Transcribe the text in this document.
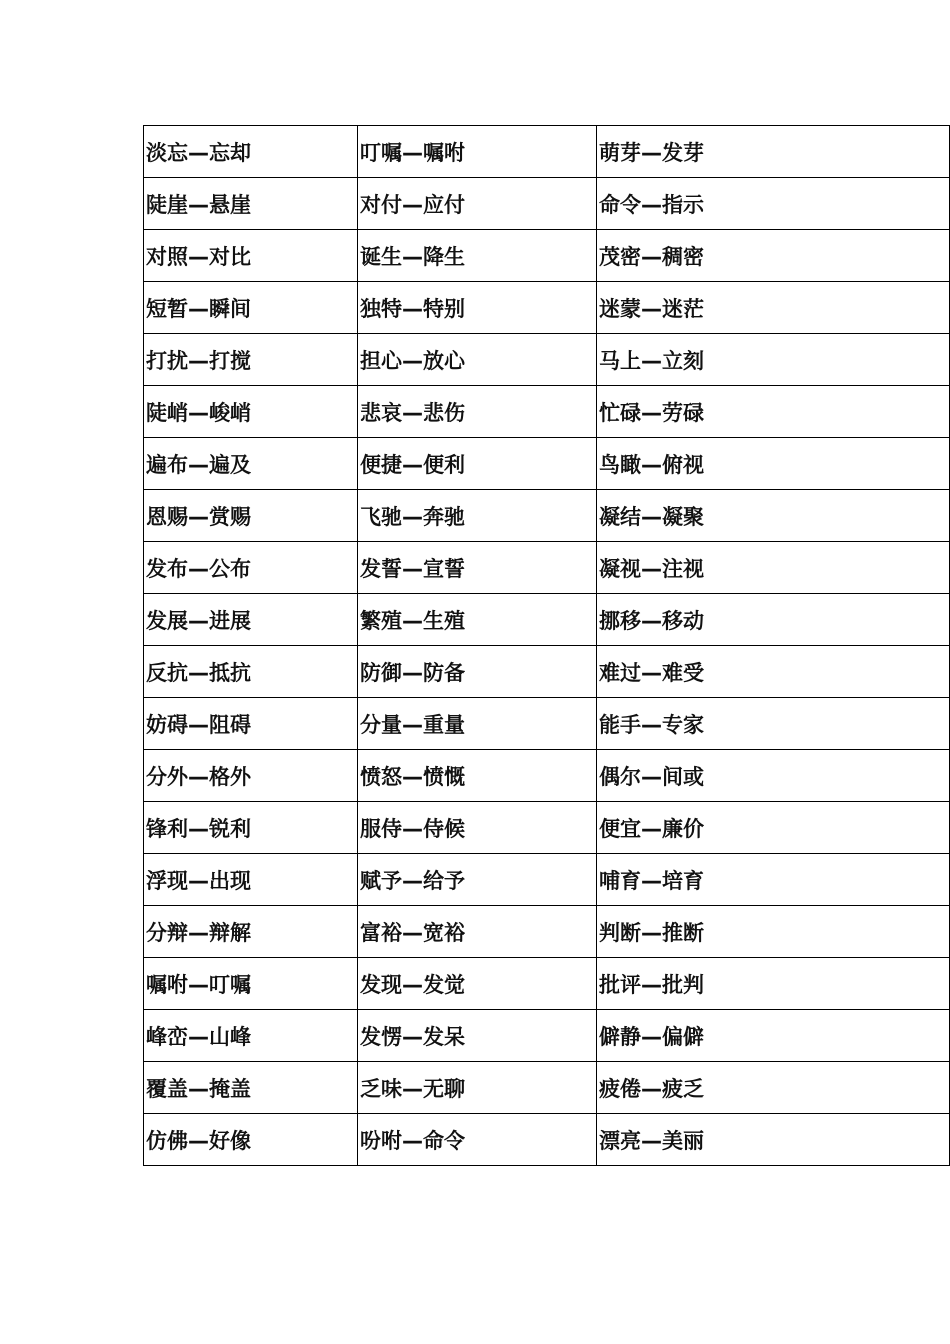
淡忘—忘却	叮嘱—嘱咐	萌芽—发芽
陡崖—悬崖	对付—应付	命令—指示
对照—对比	诞生—降生	茂密—稠密
短暂—瞬间	独特—特别	迷蒙—迷茫
打扰—打搅	担心—放心	马上—立刻
陡峭—峻峭	悲哀—悲伤	忙碌—劳碌
遍布—遍及	便捷—便利	鸟瞰—俯视
恩赐—赏赐	飞驰—奔驰	凝结—凝聚
发布—公布	发誓—宣誓	凝视—注视
发展—进展	繁殖—生殖	挪移—移动
反抗—抵抗	防御—防备	难过—难受
妨碍—阻碍	分量—重量	能手—专家
分外—格外	愤怒—愤慨	偶尔—间或
锋利—锐利	服侍—侍候	便宜—廉价
浮现—出现	赋予—给予	哺育—培育
分辩—辩解	富裕—宽裕	判断—推断
嘱咐—叮嘱	发现—发觉	批评—批判
峰峦—山峰	发愣—发呆	僻静—偏僻
覆盖—掩盖	乏味—无聊	疲倦—疲乏
仿佛—好像	吩咐—命令	漂亮—美丽
